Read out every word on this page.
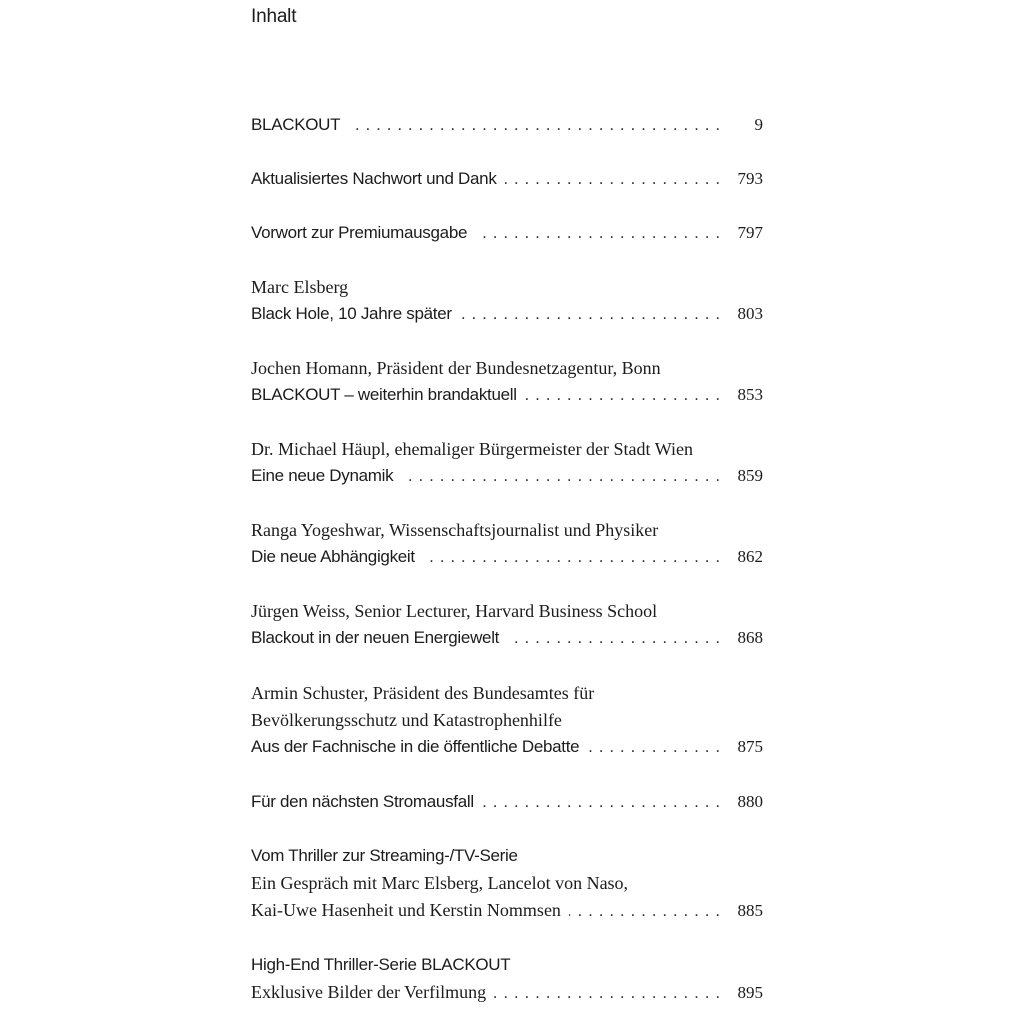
Inhalt
BLACKOUT . . .	9
Aktualisiertes Nachwort und Dank . . .	793
Vorwort zur Premiumausgabe . . .	797
Marc Elsberg
Black Hole, 10 Jahre später . . .	803
Jochen Homann, Präsident der Bundesnetzagentur, Bonn
BLACKOUT – weiterhin brandaktuell . . .	853
Dr. Michael Häupl, ehemaliger Bürgermeister der Stadt Wien
Eine neue Dynamik . . .	859
Ranga Yogeshwar, Wissenschaftsjournalist und Physiker
Die neue Abhängigkeit . . .	862
Jürgen Weiss, Senior Lecturer, Harvard Business School
Blackout in der neuen Energiewelt . . .	868
Armin Schuster, Präsident des Bundesamtes für
Bevölkerungsschutz und Katastrophenhilfe
Aus der Fachnische in die öffentliche Debatte . . .	875
Für den nächsten Stromausfall . . .	880
Vom Thriller zur Streaming-/TV-Serie
Ein Gespräch mit Marc Elsberg, Lancelot von Naso,
Kai-Uwe Hasenheit und Kerstin Nommsen . . .	885
High-End Thriller-Serie BLACKOUT
Exklusive Bilder der Verfilmung . . .	895
